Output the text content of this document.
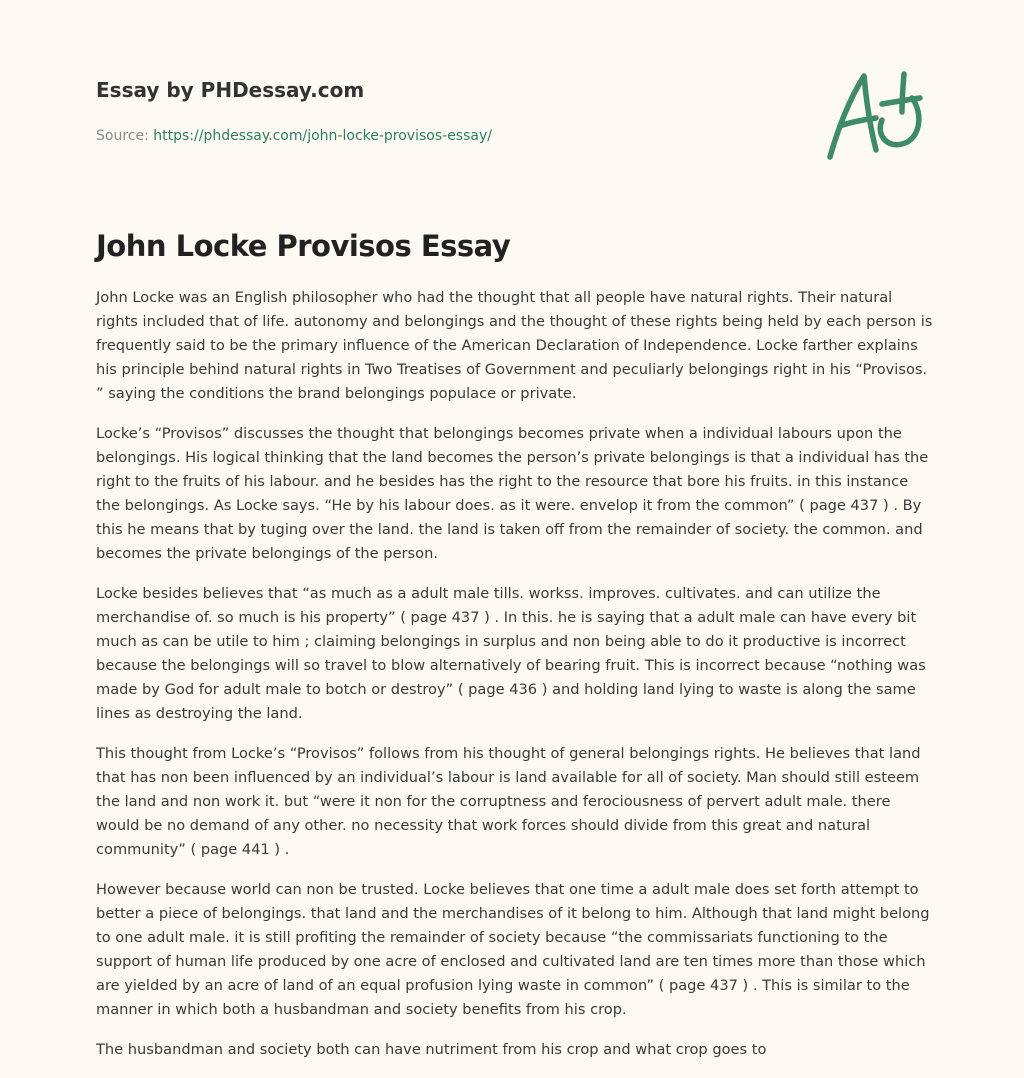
Essay by PHDessay.com
Source: https://phdessay.com/john-locke-provisos-essay/
John Locke Provisos Essay

John Locke was an English philosopher who had the thought that all people have natural rights. Their natural rights included that of life. autonomy and belongings and the thought of these rights being held by each person is frequently said to be the primary influence of the American Declaration of Independence. Locke farther explains his principle behind natural rights in Two Treatises of Government and peculiarly belongings right in his “Provisos. ” saying the conditions the brand belongings populace or private.

Locke’s “Provisos” discusses the thought that belongings becomes private when a individual labours upon the belongings. His logical thinking that the land becomes the person’s private belongings is that a individual has the right to the fruits of his labour. and he besides has the right to the resource that bore his fruits. in this instance the belongings. As Locke says. “He by his labour does. as it were. envelop it from the common” ( page 437 ) . By this he means that by tuging over the land. the land is taken off from the remainder of society. the common. and becomes the private belongings of the person.

Locke besides believes that “as much as a adult male tills. workss. improves. cultivates. and can utilize the merchandise of. so much is his property” ( page 437 ) . In this. he is saying that a adult male can have every bit much as can be utile to him ; claiming belongings in surplus and non being able to do it productive is incorrect because the belongings will so travel to blow alternatively of bearing fruit. This is incorrect because “nothing was made by God for adult male to botch or destroy” ( page 436 ) and holding land lying to waste is along the same lines as destroying the land.

This thought from Locke’s “Provisos” follows from his thought of general belongings rights. He believes that land that has non been influenced by an individual’s labour is land available for all of society. Man should still esteem the land and non work it. but “were it non for the corruptness and ferociousness of pervert adult male. there would be no demand of any other. no necessity that work forces should divide from this great and natural community” ( page 441 ) .

However because world can non be trusted. Locke believes that one time a adult male does set forth attempt to better a piece of belongings. that land and the merchandises of it belong to him. Although that land might belong to one adult male. it is still profiting the remainder of society because “the commissariats functioning to the support of human life produced by one acre of enclosed and cultivated land are ten times more than those which are yielded by an acre of land of an equal profusion lying waste in common” ( page 437 ) . This is similar to the manner in which both a husbandman and society benefits from his crop.

The husbandman and society both can have nutriment from his crop and what crop goes to
